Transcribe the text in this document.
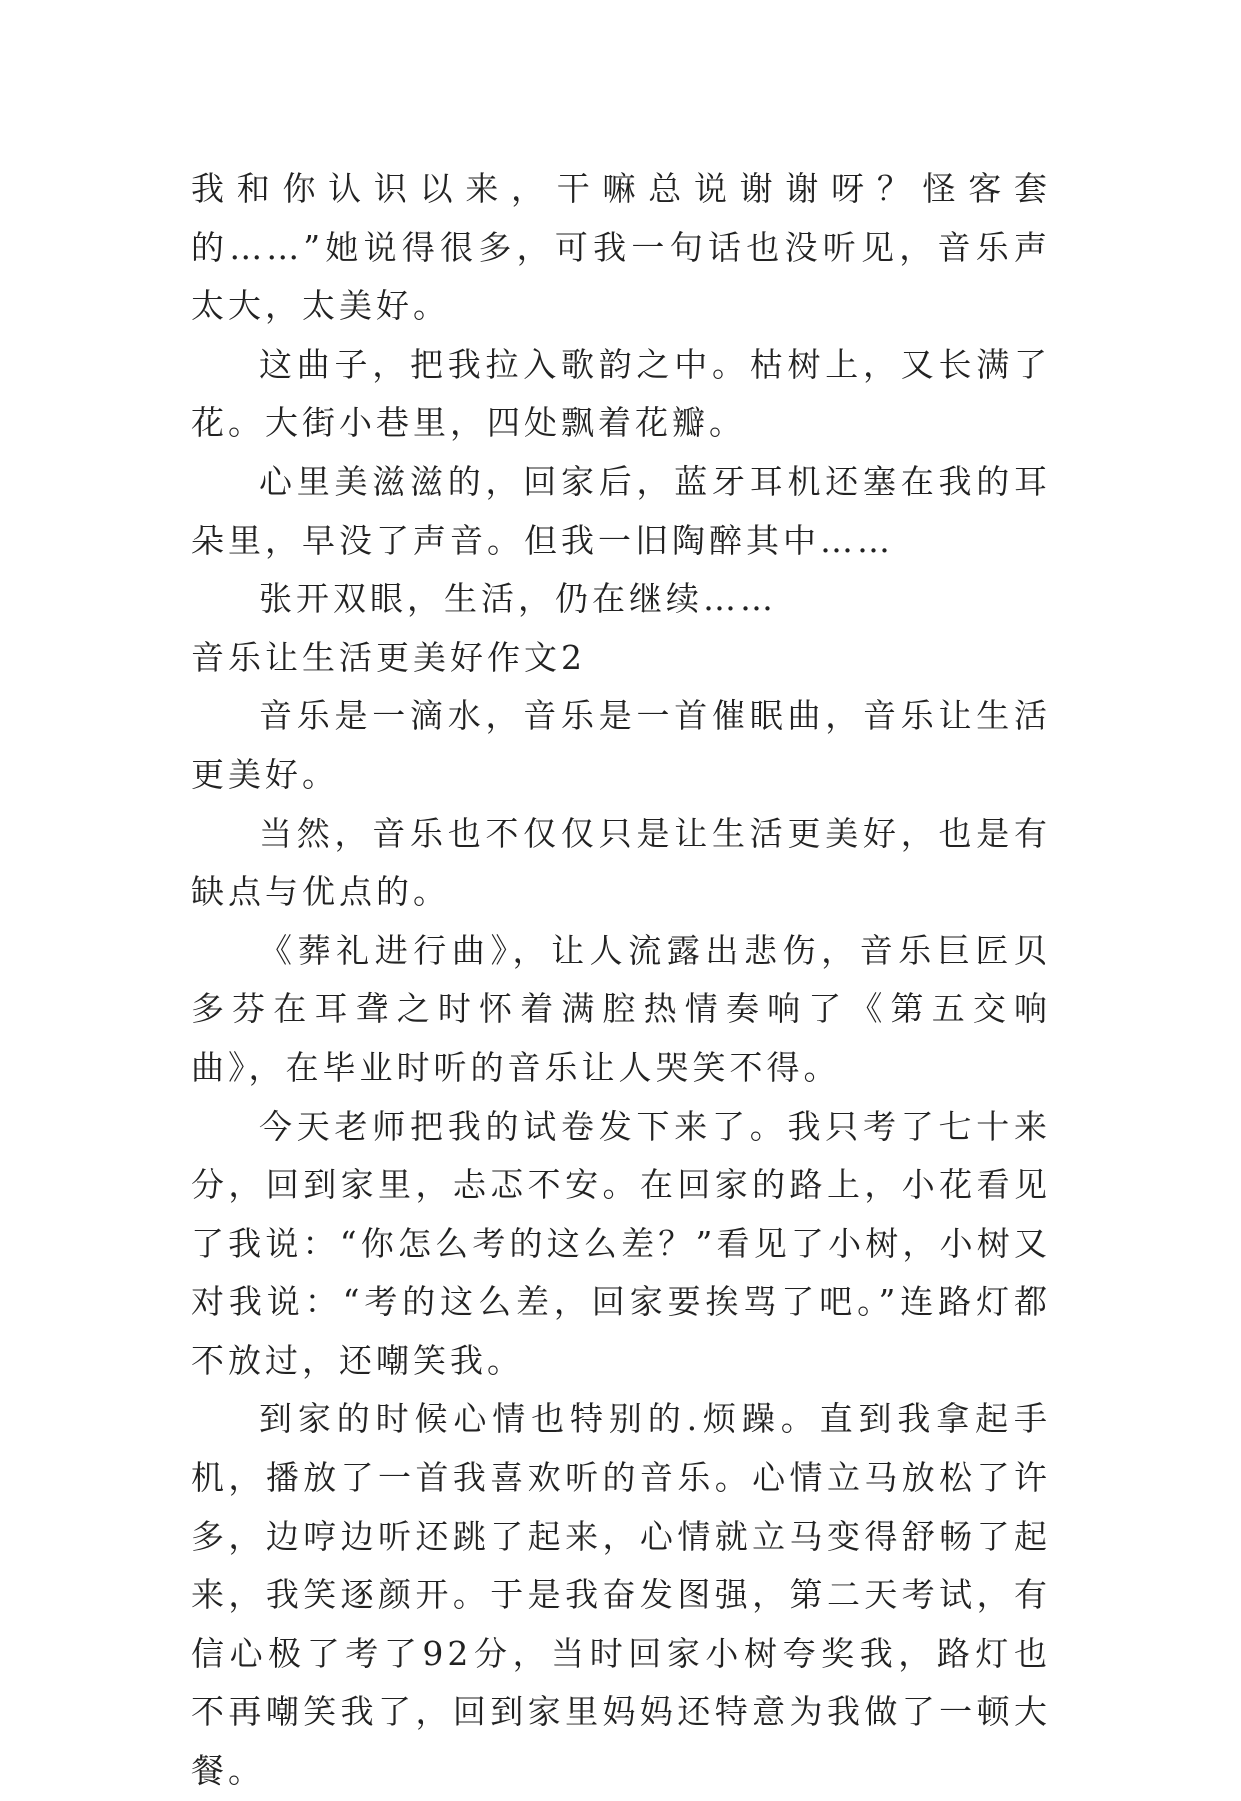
我和你认识以来，干嘛总说谢谢呀？怪客套的……”她说得很多，可我一句话也没听见，音乐声太大，太美好。

这曲子，把我拉入歌韵之中。枯树上，又长满了花。大街小巷里，四处飘着花瓣。

心里美滋滋的，回家后，蓝牙耳机还塞在我的耳朵里，早没了声音。但我一旧陶醉其中……

张开双眼，生活，仍在继续……

音乐让生活更美好作文2

音乐是一滴水，音乐是一首催眠曲，音乐让生活更美好。

当然，音乐也不仅仅只是让生活更美好，也是有缺点与优点的。

《葬礼进行曲》，让人流露出悲伤，音乐巨匠贝多芬在耳聋之时怀着满腔热情奏响了《第五交响曲》，在毕业时听的音乐让人哭笑不得。

今天老师把我的试卷发下来了。我只考了七十来分，回到家里，忐忑不安。在回家的路上，小花看见了我说：“你怎么考的这么差？”看见了小树，小树又对我说：“考的这么差，回家要挨骂了吧。”连路灯都不放过，还嘲笑我。

到家的时候心情也特别的.烦躁。直到我拿起手机，播放了一首我喜欢听的音乐。心情立马放松了许多，边哼边听还跳了起来，心情就立马变得舒畅了起来，我笑逐颜开。于是我奋发图强，第二天考试，有信心极了考了92分，当时回家小树夸奖我，路灯也不再嘲笑我了，回到家里妈妈还特意为我做了一顿大餐。
